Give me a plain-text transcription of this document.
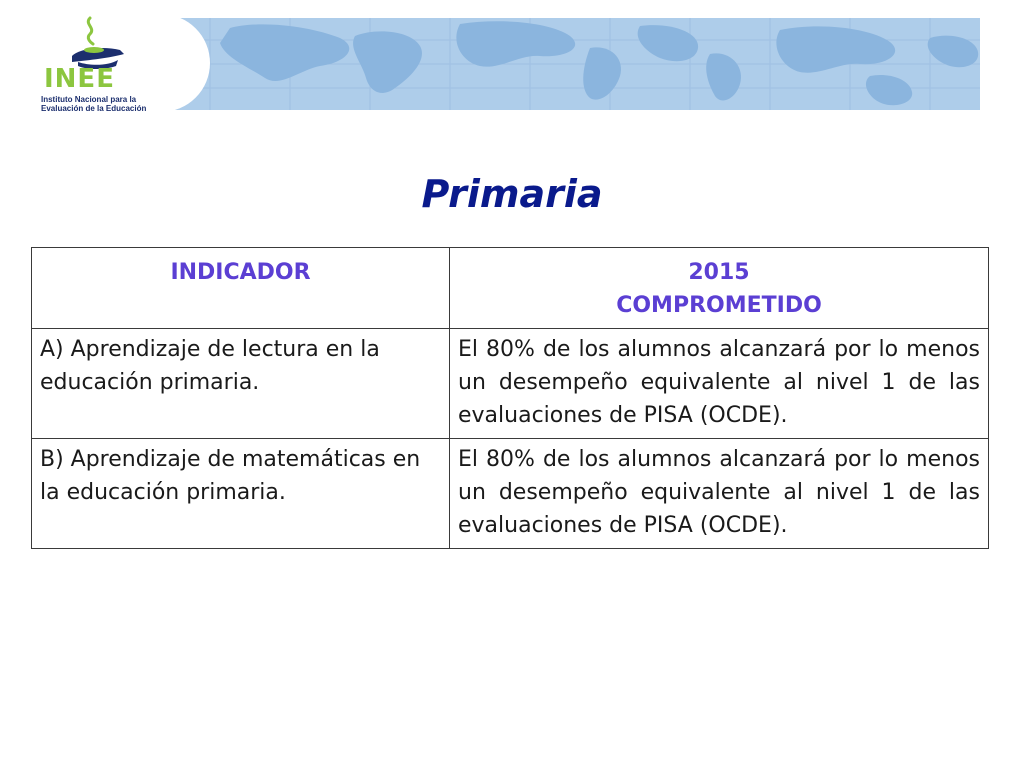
INEE
Instituto Nacional para la
Evaluación de la Educación
Primaria
INDICADOR	2015
COMPROMETIDO

A) Aprendizaje de lectura en la educación primaria.	El 80% de los alumnos alcanzará por lo menos un desempeño equivalente al nivel 1 de las evaluaciones de PISA (OCDE).
B) Aprendizaje de matemáticas en la educación primaria.	El 80% de los alumnos alcanzará por lo menos un desempeño equivalente al nivel 1 de las evaluaciones de PISA (OCDE).
